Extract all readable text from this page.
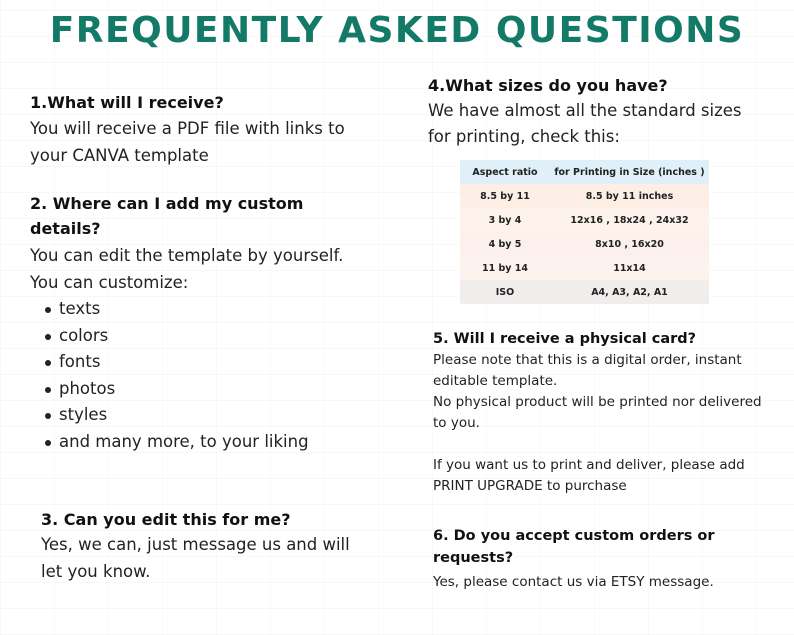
FREQUENTLY ASKED QUESTIONS
1.What will I receive?
You will receive a PDF file with links to
your CANVA template
2. Where can I add my custom
details?
You can edit the template by yourself.
You can customize:
texts
colors
fonts
photos
styles
and many more, to your liking
3. Can you edit this for me?
Yes, we can, just message us and will
let you know.
4.What sizes do you have?
We have almost all the standard sizes
for printing, check this:
Aspect ratio	for Printing in Size (inches )
8.5 by 11	8.5 by 11 inches
3 by 4	12x16 , 18x24 , 24x32
4 by 5	8x10 , 16x20
11 by 14	11x14
ISO	A4, A3, A2, A1
5. Will I receive a physical card?
Please note that this is a digital order, instant
editable template.
No physical product will be printed nor delivered
to you.
If you want us to print and deliver, please add
PRINT UPGRADE to purchase
6. Do you accept custom orders or
requests?
Yes, please contact us via ETSY message.
